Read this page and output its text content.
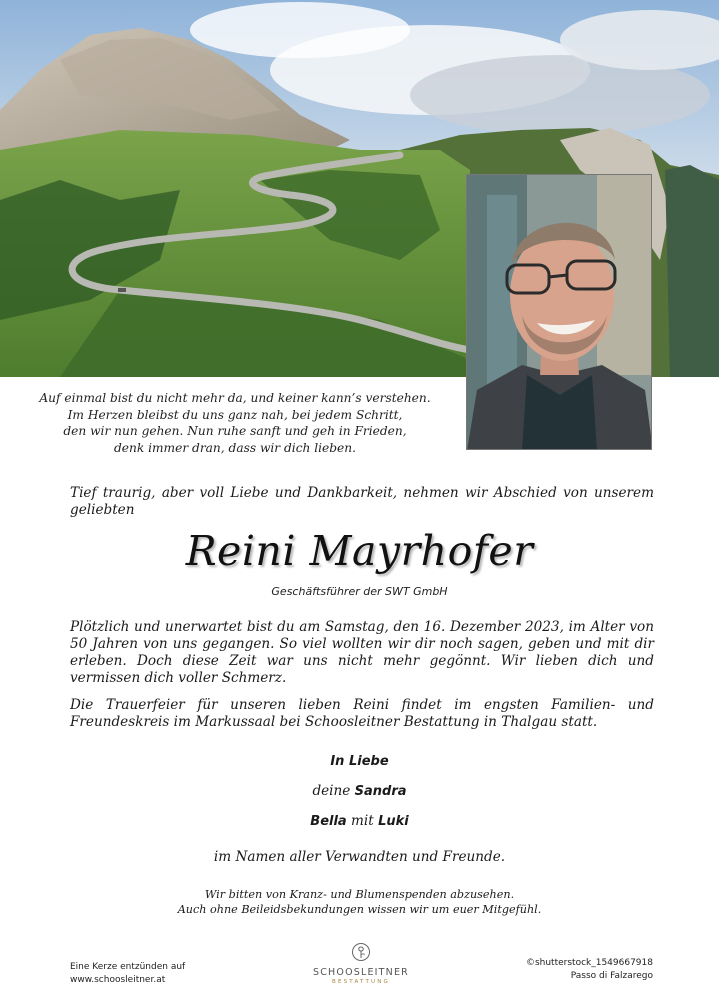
Auf einmal bist du nicht mehr da, und keiner kann’s verstehen.
Im Herzen bleibst du uns ganz nah, bei jedem Schritt,
den wir nun gehen. Nun ruhe sanft und geh in Frieden,
denk immer dran, dass wir dich lieben.
Tief traurig, aber voll Liebe und Dankbarkeit, nehmen wir Abschied von unserem geliebten
Reini Mayrhofer
Geschäftsführer der SWT GmbH
Plötzlich und unerwartet bist du am Samstag, den 16. Dezember 2023, im Alter von 50 Jahren von uns gegangen. So viel wollten wir dir noch sagen, geben und mit dir erleben. Doch diese Zeit war uns nicht mehr gegönnt. Wir lieben dich und vermissen dich voller Schmerz.
Die Trauerfeier für unseren lieben Reini findet im engsten Familien- und Freundeskreis im Markussaal bei Schoosleitner Bestattung in Thalgau statt.
In Liebe
deine Sandra
Bella mit Luki
im Namen aller Verwandten und Freunde.
Wir bitten von Kranz- und Blumenspenden abzusehen.
Auch ohne Beileidsbekundungen wissen wir um euer Mitgefühl.
Eine Kerze entzünden auf
www.schoosleitner.at
SCHOOSLEITNER
BESTATTUNG
©shutterstock_1549667918
Passo di Falzarego
